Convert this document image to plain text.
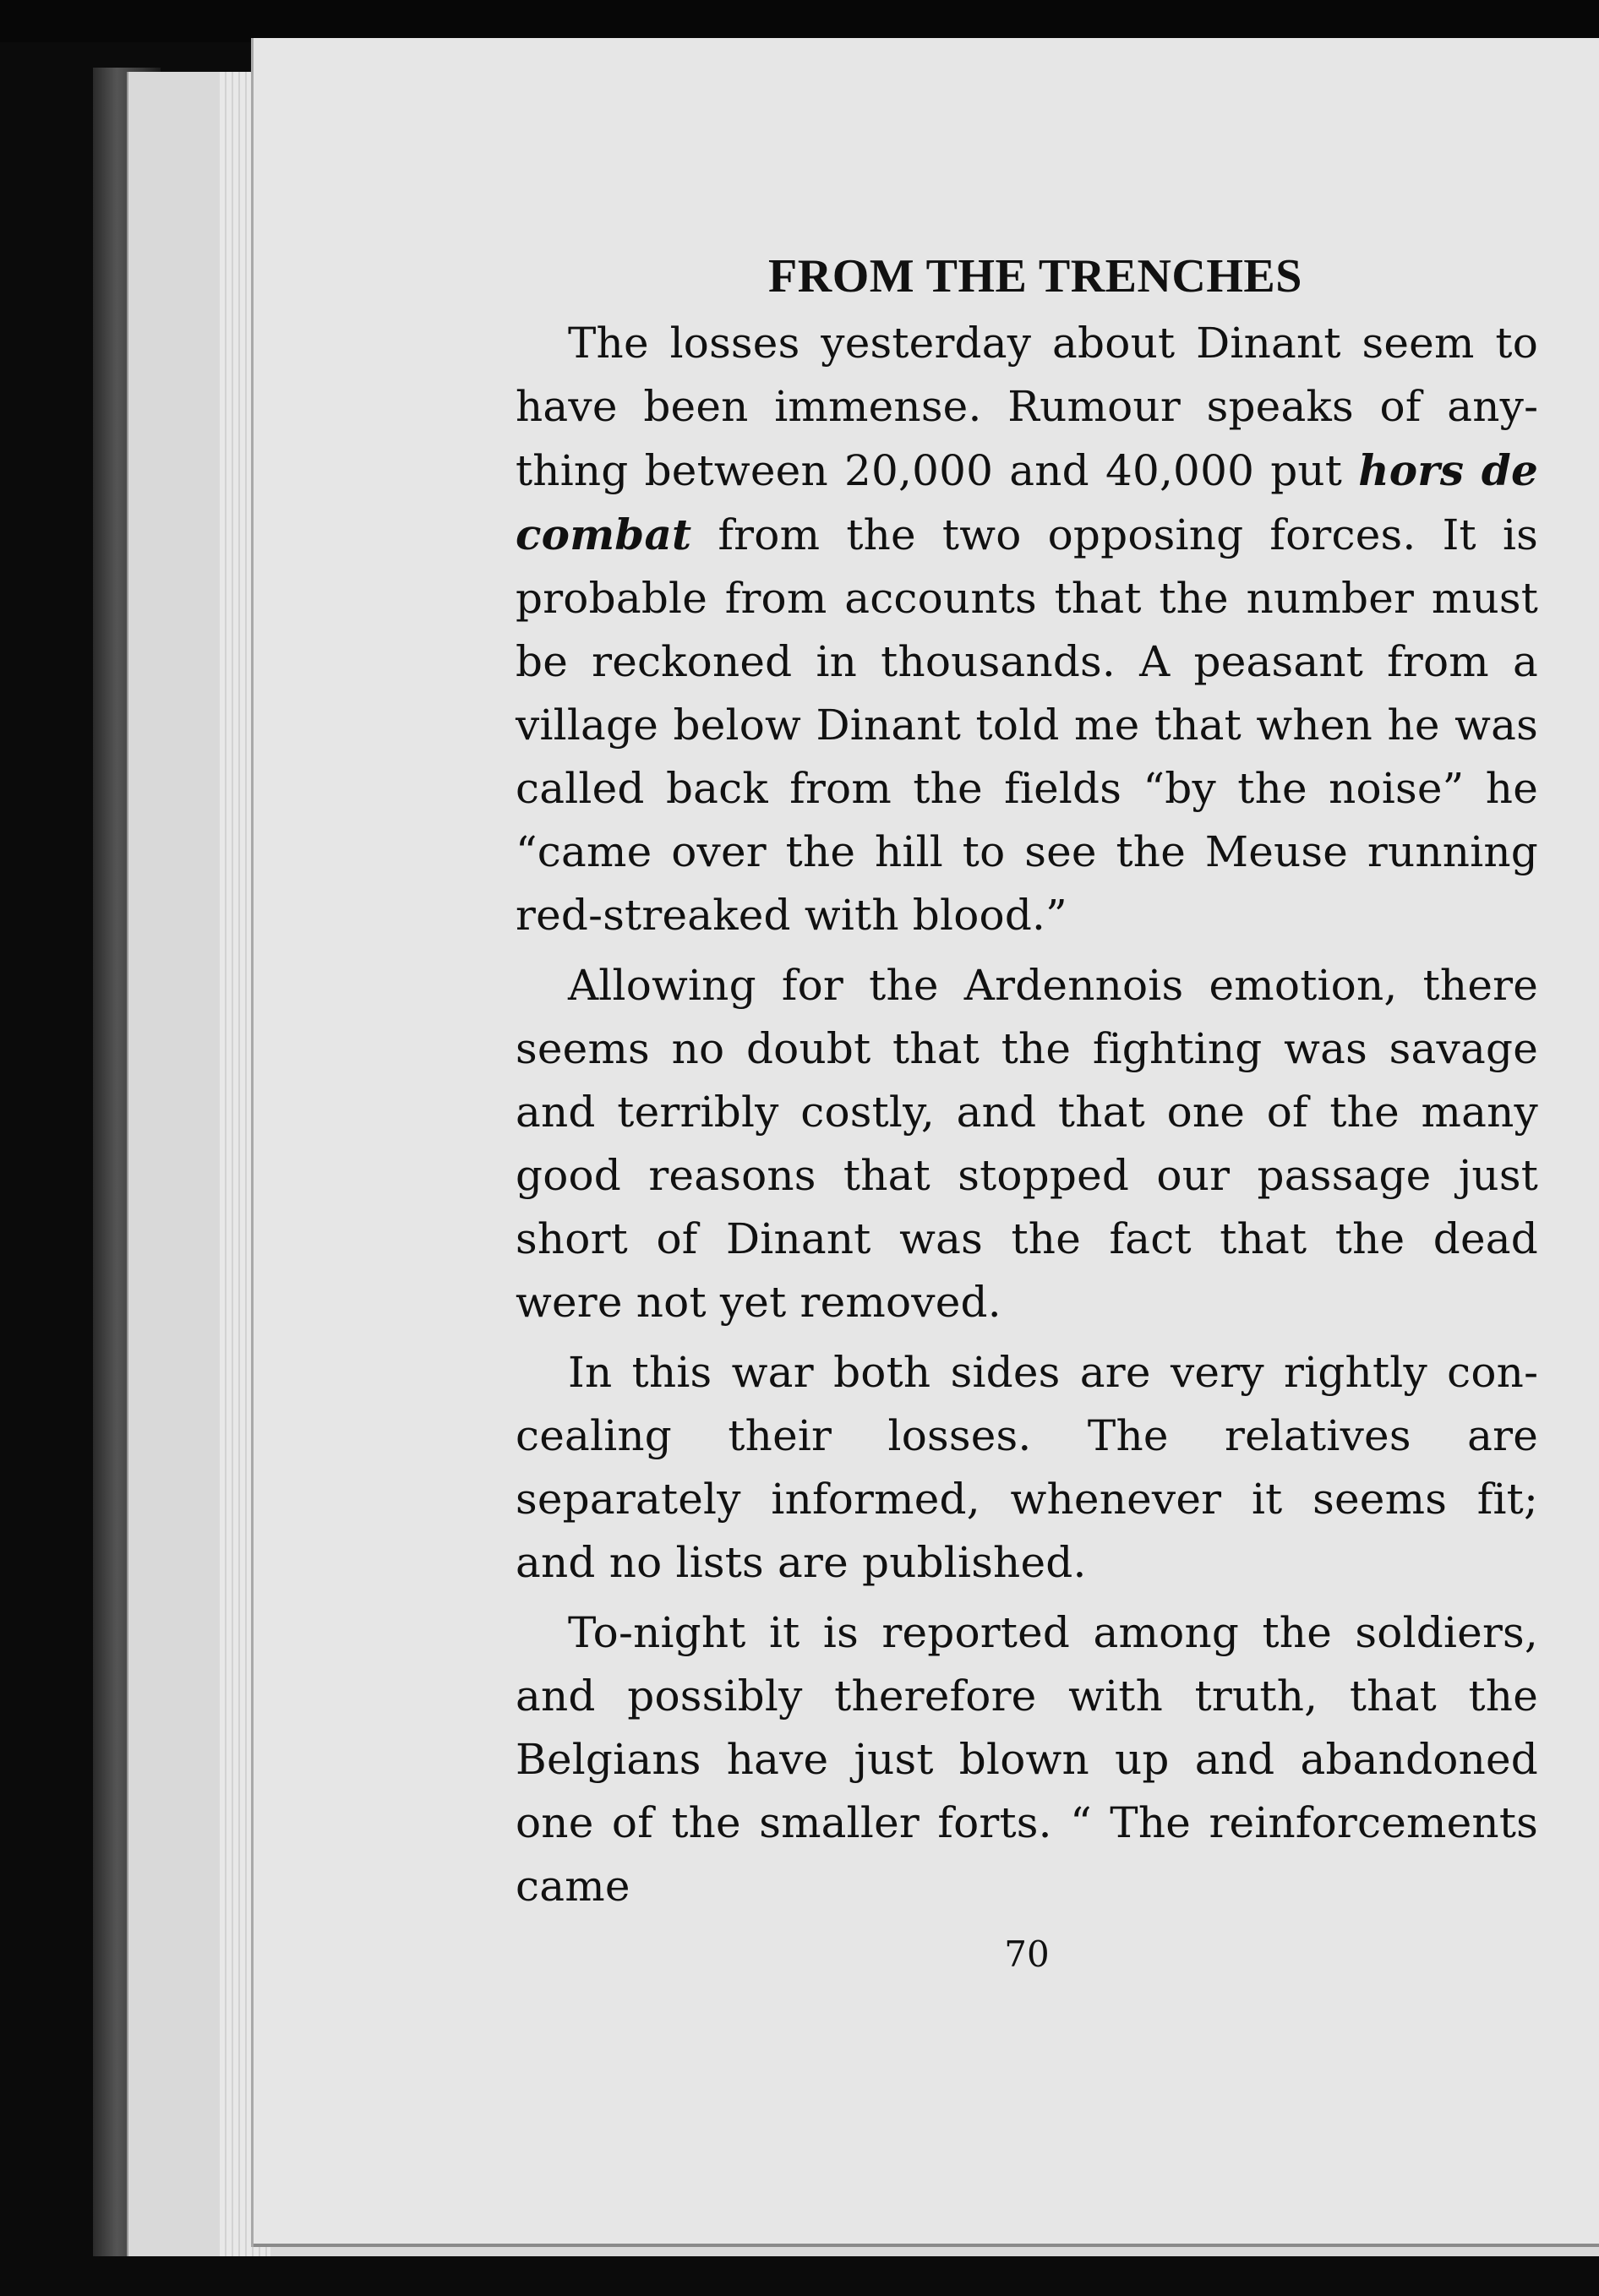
FROM THE TRENCHES

The losses yesterday about Dinant seem to have been immense. Rumour speaks of anything between 20,000 and 40,000 put hors de combat from the two opposing forces. It is probable from accounts that the number must be reckoned in thousands. A peasant from a village below Dinant told me that when he was called back from the fields “by the noise” he “came over the hill to see the Meuse running red-streaked with blood.”

Allowing for the Ardennois emotion, there seems no doubt that the fighting was savage and terribly costly, and that one of the many good reasons that stopped our passage just short of Dinant was the fact that the dead were not yet removed.

In this war both sides are very rightly concealing their losses. The relatives are separately informed, whenever it seems fit; and no lists are published.

To-night it is reported among the soldiers, and possibly therefore with truth, that the Belgians have just blown up and abandoned one of the smaller forts. “ The reinforcements came

70
